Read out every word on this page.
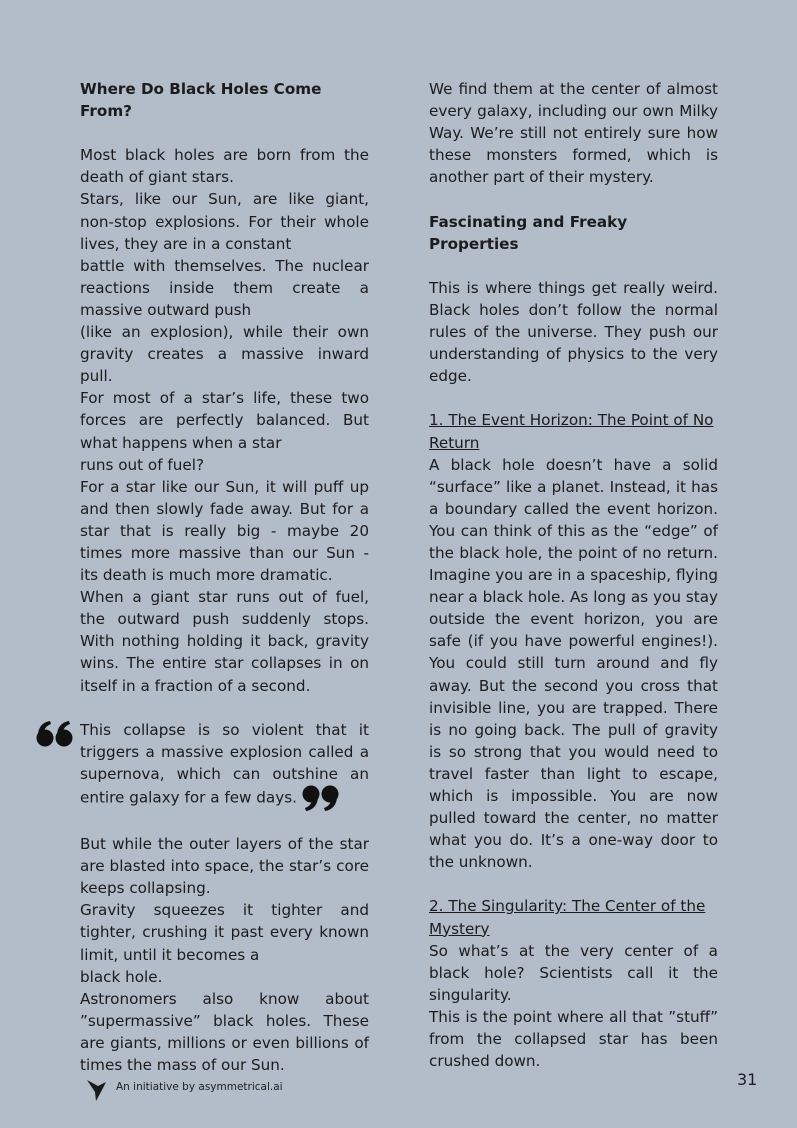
Where Do Black Holes Come From?

Most black holes are born from the death of giant stars.

Stars, like our Sun, are like giant, non-stop explosions. For their whole lives, they are in a constant

battle with themselves. The nuclear reactions inside them create a massive outward push

(like an explosion), while their own gravity creates a massive inward pull.

For most of a star’s life, these two forces are perfectly balanced. But what happens when a star

runs out of fuel?

For a star like our Sun, it will puff up and then slowly fade away. But for a star that is really big - maybe 20 times more massive than our Sun - its death is much more dramatic.

When a giant star runs out of fuel, the outward push suddenly stops. With nothing holding it back, gravity wins. The entire star collapses in on itself in a fraction of a second.

This collapse is so violent that it triggers a massive explosion called a supernova, which can outshine an entire galaxy for a few days.

But while the outer layers of the star are blasted into space, the star’s core keeps collapsing.

Gravity squeezes it tighter and tighter, crushing it past every known limit, until it becomes a

black hole.

Astronomers also know about ”supermassive” black holes. These are giants, millions or even billions of times the mass of our Sun.

We find them at the center of almost every galaxy, including our own Milky Way. We’re still not entirely sure how these monsters formed, which is another part of their mystery.

Fascinating and Freaky Properties

This is where things get really weird. Black holes don’t follow the normal rules of the universe. They push our understanding of physics to the very edge.

1. The Event Horizon: The Point of No Return

A black hole doesn’t have a solid “surface” like a planet. Instead, it has a boundary called the event horizon. You can think of this as the “edge” of the black hole, the point of no return. Imagine you are in a spaceship, flying near a black hole. As long as you stay outside the event horizon, you are safe (if you have powerful engines!). You could still turn around and fly away. But the second you cross that invisible line, you are trapped. There is no going back. The pull of gravity is so strong that you would need to travel faster than light to escape, which is impossible. You are now pulled toward the center, no matter what you do. It’s a one-way door to the unknown.

2. The Singularity: The Center of the Mystery

So what’s at the very center of a black hole? Scientists call it the singularity.

This is the point where all that ”stuff” from the collapsed star has been crushed down.

An initiative by asymmetrical.ai	31
